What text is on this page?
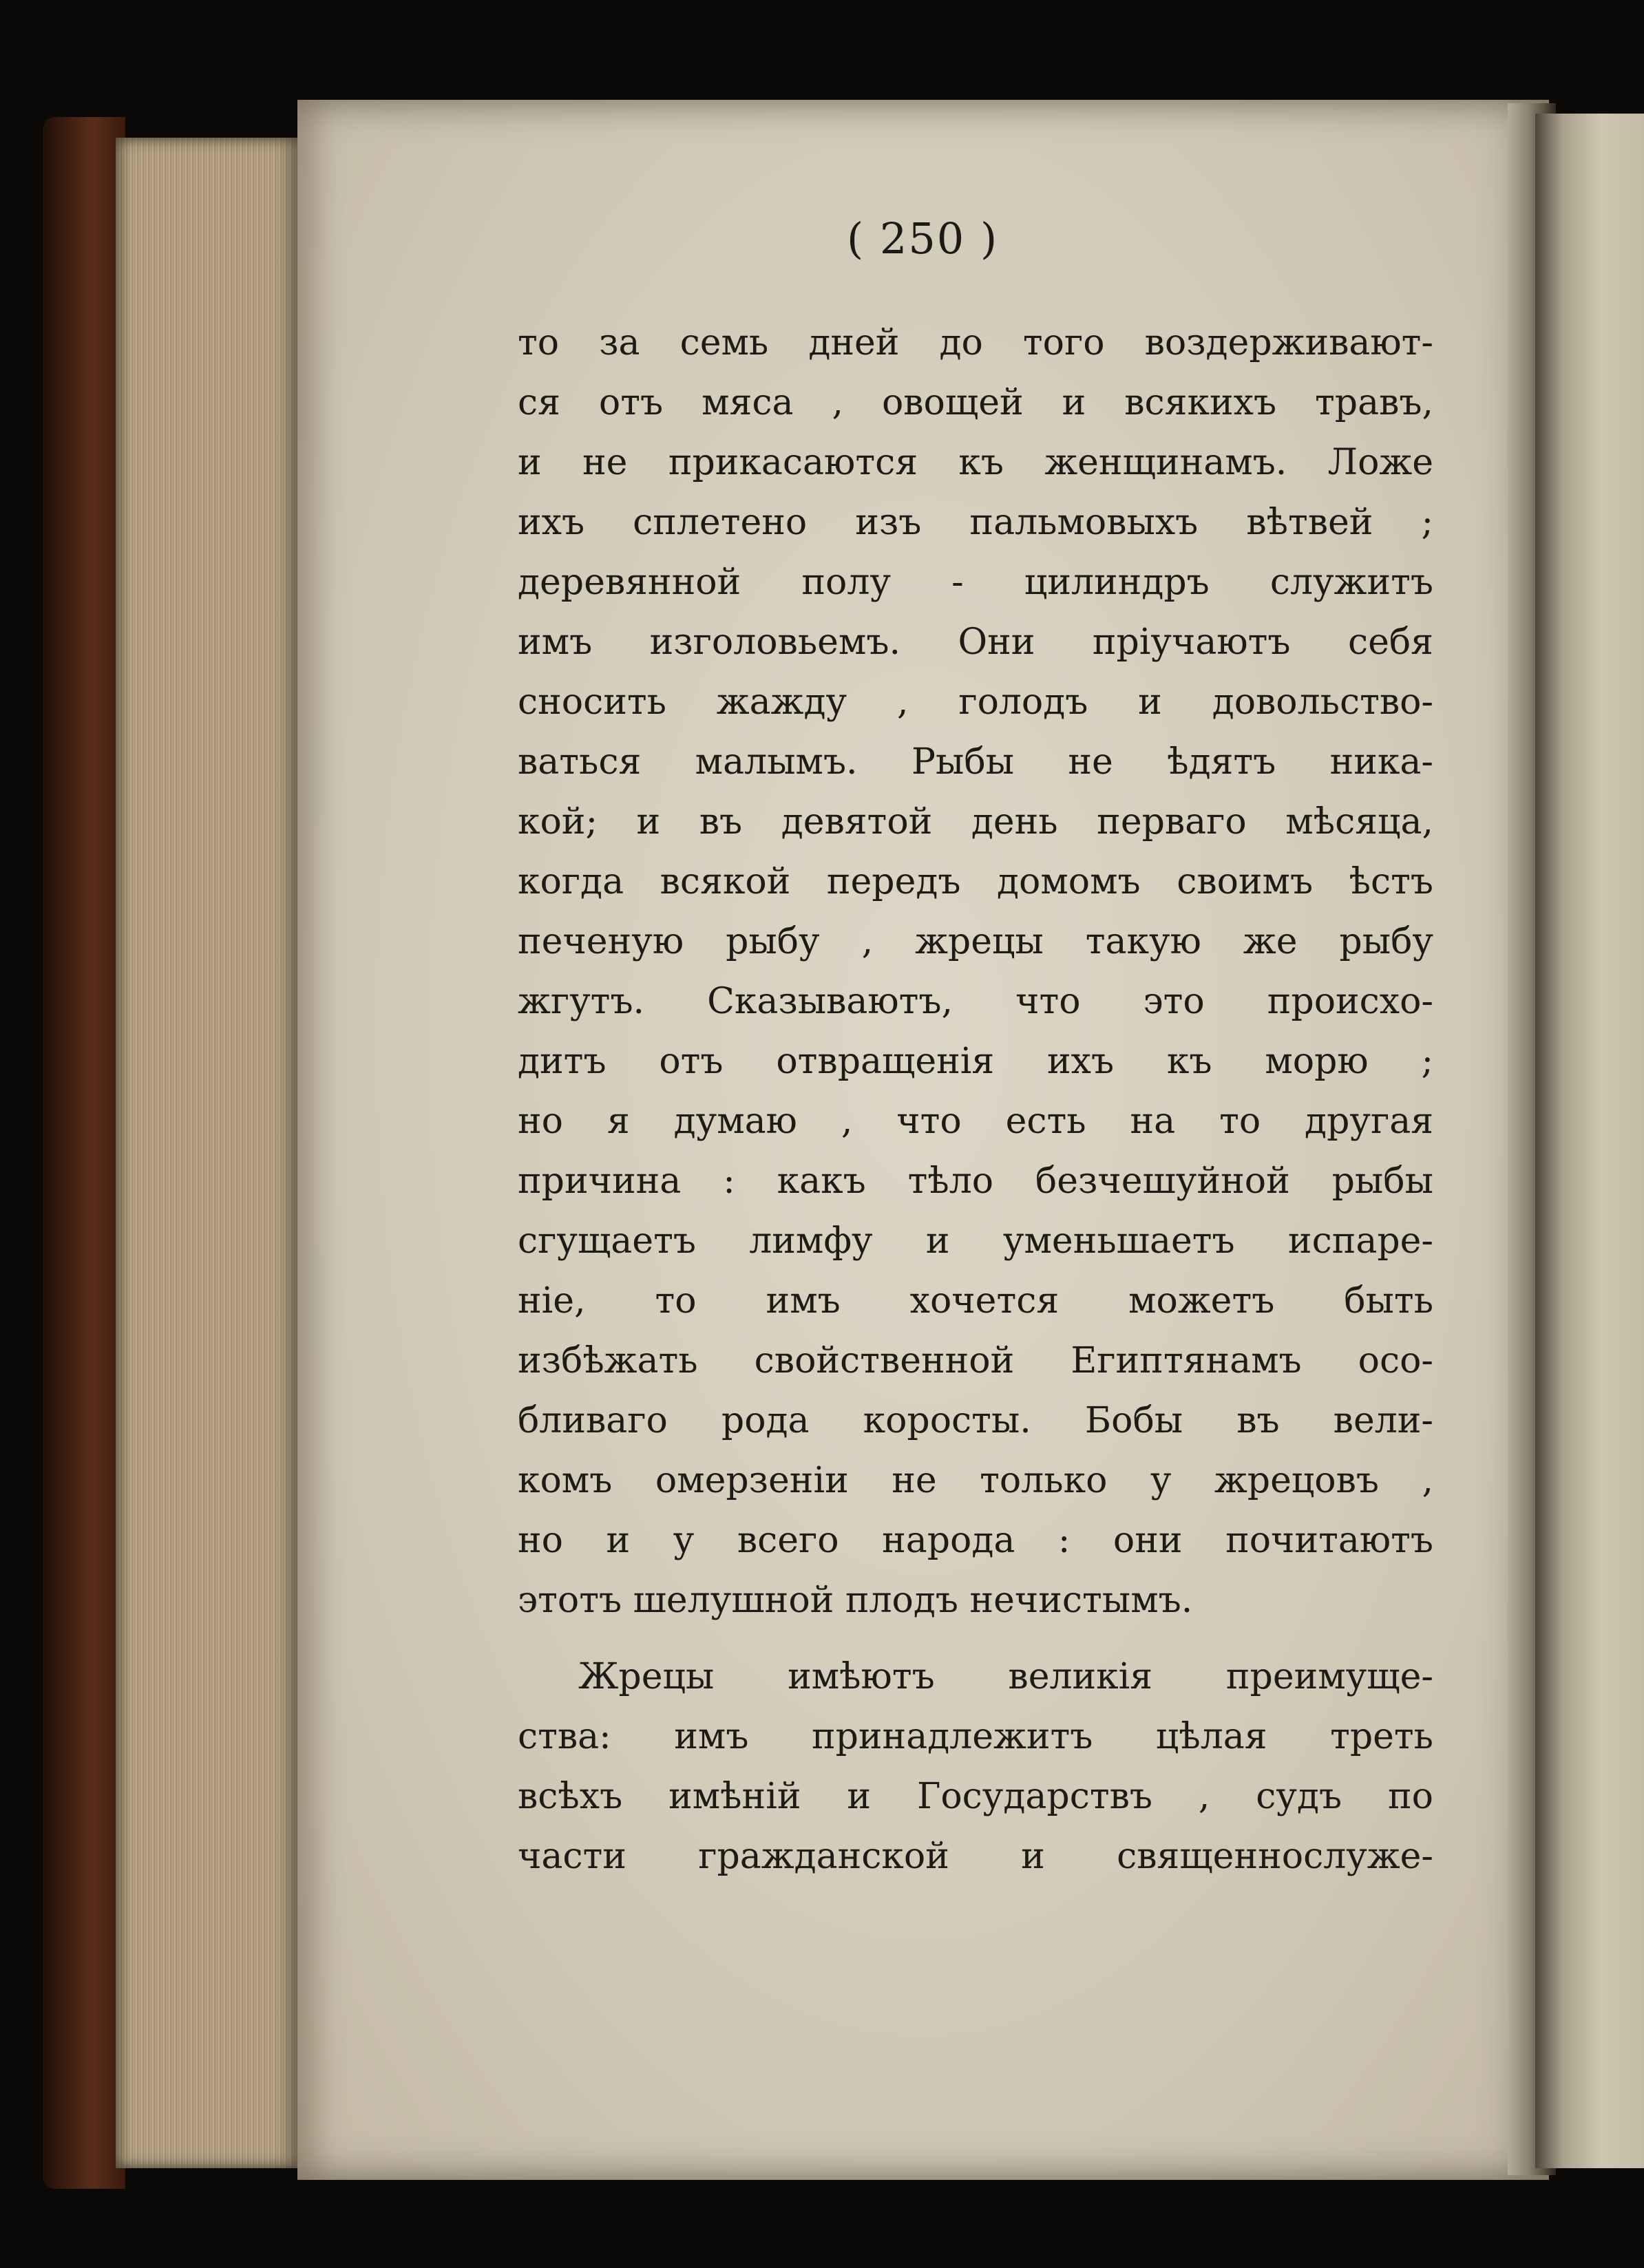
( 250 )
то за семь дней до того воздерживают-
ся отъ мяса , овощей и всякихъ травъ,
и не прикасаются къ женщинамъ. Ложе
ихъ сплетено изъ пальмовыхъ вѣтвей ;
деревянной полу - цилиндръ служитъ
имъ изголовьемъ. Они пріучаютъ себя
сносить жажду , голодъ и довольство-
ваться малымъ. Рыбы не ѣдятъ ника-
кой; и въ девятой день перваго мѣсяца,
когда всякой передъ домомъ своимъ ѣстъ
печеную рыбу , жрецы такую же рыбу
жгутъ. Сказываютъ, что это происхо-
дитъ отъ отвращенія ихъ къ морю ;
но я думаю , что есть на то другая
причина : какъ тѣло безчешуйной рыбы
сгущаетъ лимфу и уменьшаетъ испаре-
ніе, то имъ хочется можетъ быть
избѣжать свойственной Египтянамъ осо-
бливаго рода коросты. Бобы въ вели-
комъ омерзеніи не только у жрецовъ ,
но и у всего народа : они почитаютъ
этотъ шелушной плодъ нечистымъ.
Жрецы имѣютъ великія преимуще-
ства: имъ принадлежитъ цѣлая треть
всѣхъ имѣній и Государствъ , судъ по
части гражданской и священнослуже-
